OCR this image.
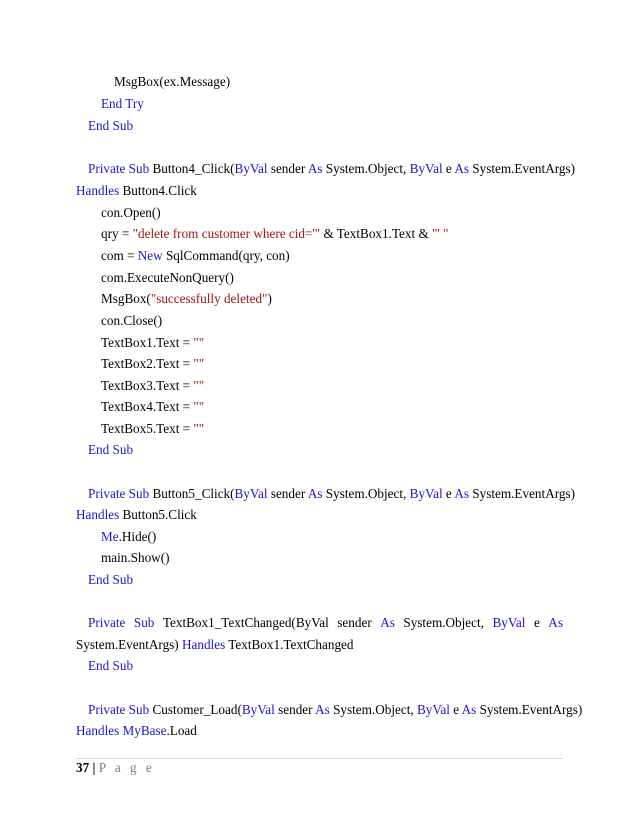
MsgBox(ex.Message)
End Try
End Sub
Private Sub Button4_Click(ByVal sender As System.Object, ByVal e As System.EventArgs)
Handles Button4.Click
con.Open()
qry = "delete from customer where cid='" & TextBox1.Text & "' "
com = New SqlCommand(qry, con)
com.ExecuteNonQuery()
MsgBox("successfully deleted")
con.Close()
TextBox1.Text = ""
TextBox2.Text = ""
TextBox3.Text = ""
TextBox4.Text = ""
TextBox5.Text = ""
End Sub
Private Sub Button5_Click(ByVal sender As System.Object, ByVal e As System.EventArgs)
Handles Button5.Click
Me.Hide()
main.Show()
End Sub
Private Sub TextBox1_TextChanged(ByVal sender As System.Object, ByVal e As
System.EventArgs) Handles TextBox1.TextChanged
End Sub
Private Sub Customer_Load(ByVal sender As System.Object, ByVal e As System.EventArgs)
Handles MyBase.Load
37 | P a g e
